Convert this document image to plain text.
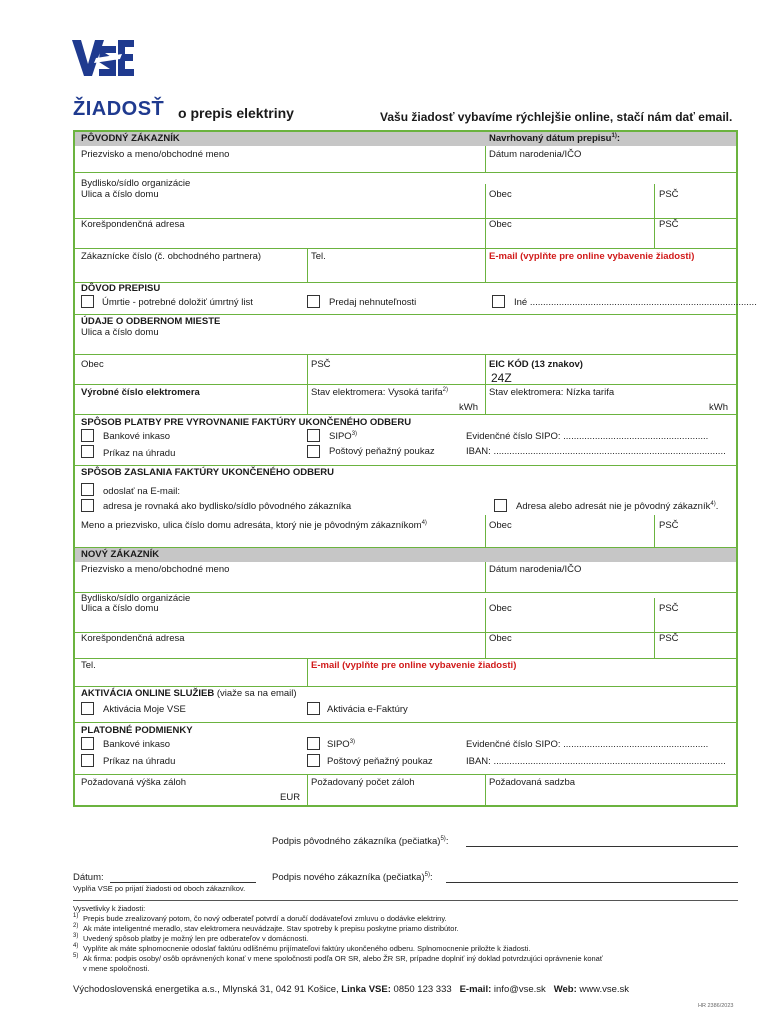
ŽIADOSŤ o prepis elektriny	Vašu žiadosť vybavíme rýchlejšie online, stačí nám dať email.
PÔVODNÝ ZÁKAZNÍK	Navrhovaný dátum prepisu$^{1)}$:
Priezvisko a meno/obchodné meno	Dátum narodenia/IČO
Bydlisko/sídlo organizácie
Ulica a číslo domu	Obec	PSČ
Korešpondenčná adresa	Obec	PSČ
Zákaznícke číslo (č. obchodného partnera)	Tel.	E-mail (vyplňte pre online vybavenie žiadosti)
DÔVOD PREPISU
Úmrtie - potrebné doložiť úmrtný list	Predaj nehnuteľnosti	Iné ......................................................................................
ÚDAJE O ODBERNOM MIESTE
Ulica a číslo domu
Obec	PSČ	EIC KÓD (13 znakov)
24Z
Výrobné číslo elektromera	Stav elektromera: Vysoká tarifa$^{2)}$	Stav elektromera: Nízka tarifa
kWh	kWh
SPÔSOB PLATBY PRE VYROVNANIE FAKTÚRY UKONČENÉHO ODBERU
Bankové inkaso	SIPO$^{3)}$	Evidenčné číslo SIPO: .......................................................
Príkaz na úhradu	Poštový peňažný poukaz	IBAN: ........................................................................................
SPÔSOB ZASLANIA FAKTÚRY UKONČENÉHO ODBERU
odoslať na E-mail:
adresa je rovnaká ako bydlisko/sídlo pôvodného zákazníka	Adresa alebo adresát nie je pôvodný zákazník$^{4)}$.
Meno a priezvisko, ulica číslo domu adresáta, ktorý nie je pôvodným zákazníkom$^{4)}$	Obec	PSČ
NOVÝ ZÁKAZNÍK
Priezvisko a meno/obchodné meno	Dátum narodenia/IČO
Bydlisko/sídlo organizácie
Ulica a číslo domu	Obec	PSČ
Korešpondenčná adresa	Obec	PSČ
Tel.	E-mail (vyplňte pre online vybavenie žiadosti)
AKTIVÁCIA ONLINE SLUŽIEB (viaže sa na email)
Aktivácia Moje VSE	Aktivácia e-Faktúry
PLATOBNÉ PODMIENKY
Bankové inkaso	SIPO$^{3)}$	Evidenčné číslo SIPO: .......................................................
Príkaz na úhradu	Poštový peňažný poukaz	IBAN: ........................................................................................
Požadovaná výška záloh
EUR
Požadovaný počet záloh	Požadovaná sadzba
Podpis pôvodného zákazníka (pečiatka)$^{5)}$:
Dátum:	Podpis nového zákazníka (pečiatka)$^{5)}$:
Vyplňa VSE po prijatí žiadosti od oboch zákazníkov.
Vysvetlivky k žiadosti:
1) Prepis bude zrealizovaný potom, čo nový odberateľ potvrdí a doručí dodávateľovi zmluvu o dodávke elektriny.
2) Ak máte inteligentné meradlo, stav elektromera neuvádzajte. Stav spotreby k prepisu poskytne priamo distribútor.
3) Uvedený spôsob platby je možný len pre odberateľov v domácnosti.
4) Vyplňte ak máte splnomocnenie odoslať faktúru odlišnému prijímateľovi faktúry ukončeného odberu. Splnomocnenie priložte k žiadosti.
5) Ak firma: podpis osoby/ osôb oprávnených konať v mene spoločnosti podľa OR SR, alebo ŽR SR, prípadne doplniť iný doklad potvrdzujúci oprávnenie konať
v mene spoločnosti.
Východoslovenská energetika a.s., Mlynská 31, 042 91 Košice, Linka VSE: 0850 123 333 E-mail: info@vse.sk Web: www.vse.sk
HR 2386/2023
